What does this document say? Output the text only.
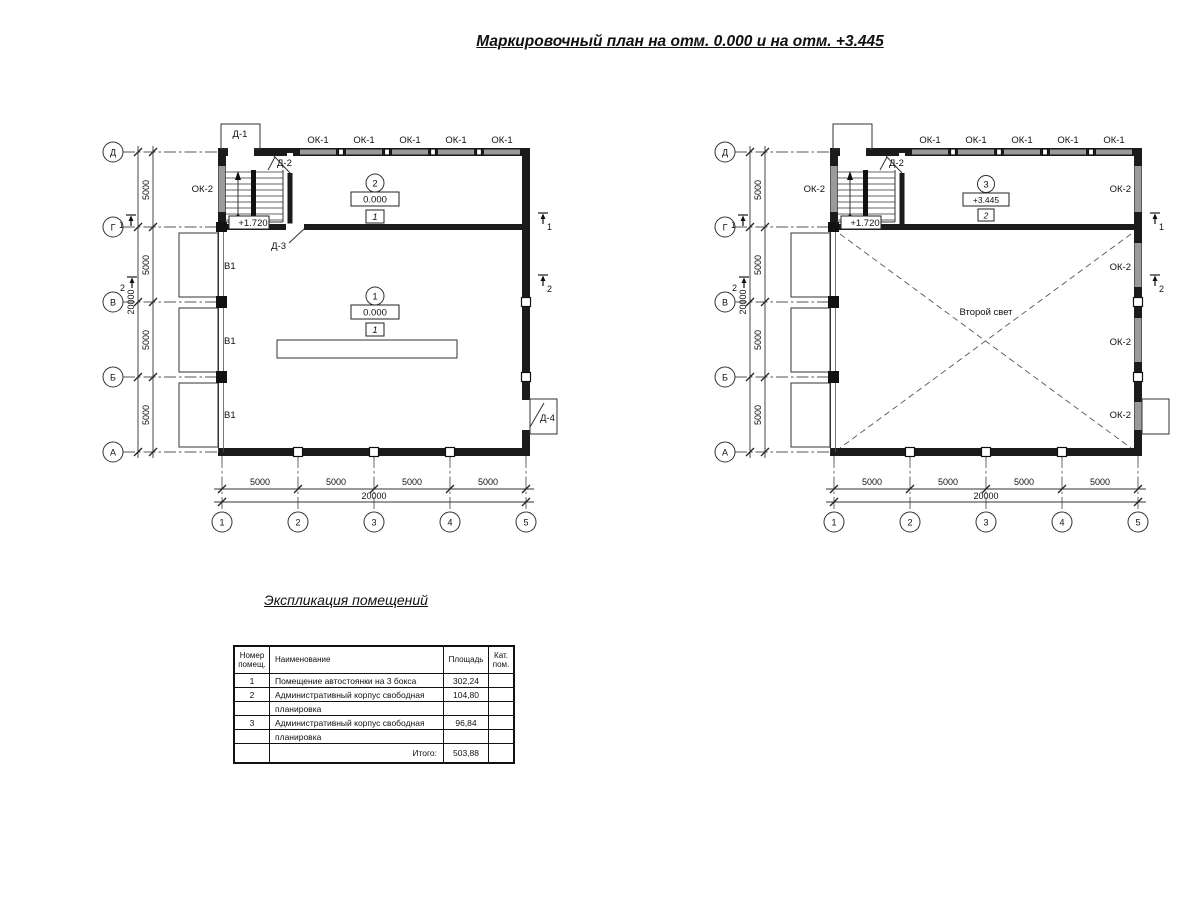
Маркировочный план на отм. 0.000 и на отм. +3.445
2
0.000
1
1
0.000
1
+1.720
Д-1
Д-2
Д-3
Д-4
ОК-1	ОК-1	ОК-1	ОК-1	ОК-1
ОК-2
В1
В1
В1
1
2
1
2
5000
5000
5000
5000
20000
Д
Г
В
Б
А
5000	5000	5000	5000
20000
1	2	3	4	5
3
+3.445
2
+1.720
Д-2
ОК-1	ОК-1	ОК-1	ОК-1	ОК-1
ОК-2	ОК-2
ОК-2
ОК-2
ОК-2
Второй свет
1
2
1
2
5000
5000
5000
5000
20000
Д
Г
В
Б
А
5000	5000	5000	5000
20000
1	2	3	4	5
Экспликация помещений
Номер помещ.	Наименование	Площадь	Кат. пом.
1	Помещение автостоянки на 3 бокса	302,24	
2	Административный корпус свободная	104,80	
	планировка		
3	Административный корпус свободная	96,84	
	планировка		
	Итого:	503,88	
